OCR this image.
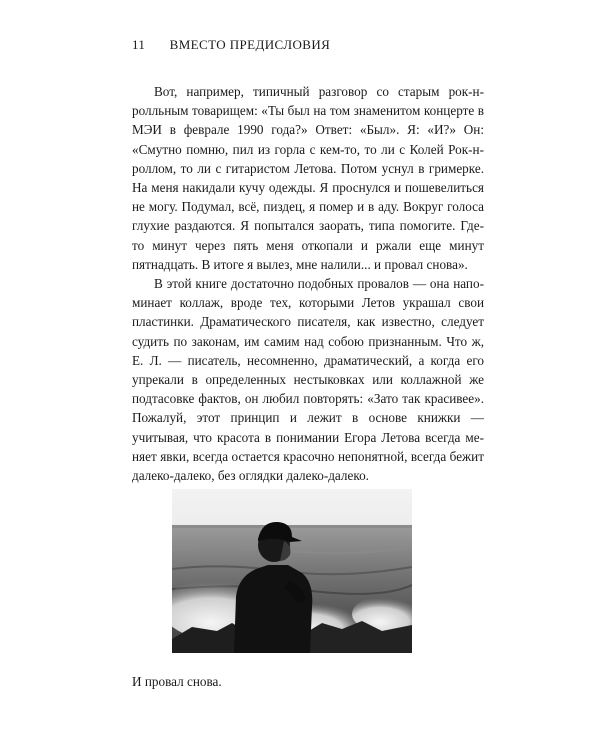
11 ВМЕСТО ПРЕДИСЛОВИЯ

Вот, например, типичный разговор со старым рок-н-ролльным товарищем: «Ты был на том знаменитом концерте в МЭИ в феврале 1990 года?» Ответ: «Был». Я: «И?» Он: «Смутно помню, пил из горла с кем-то, то ли с Колей Рок-н-роллом, то ли с гитаристом Летова. Потом уснул в гримерке. На меня накидали кучу одежды. Я проснулся и пошевелиться не могу. Подумал, всё, пиздец, я помер и в аду. Вокруг голоса глухие раздаются. Я попытался заорать, типа помогите. Где-то минут через пять меня откопали и ржали еще минут пятнадцать. В итоге я вылез, мне налили... и провал снова».

В этой книге достаточно подобных провалов — она напоминает коллаж, вроде тех, которыми Летов украшал свои пластинки. Драматического писателя, как известно, следует судить по законам, им самим над собою признанным. Что ж, Е. Л. — писатель, несомненно, драматический, а когда его упрекали в определенных нестыковках или коллажной же подтасовке фактов, он любил повторять: «Зато так красивее». Пожалуй, этот принцип и лежит в основе книжки — учитывая, что красота в понимании Егора Летова всегда меняет явки, всегда остается красочно непонятной, всегда бежит далеко-далеко, без оглядки далеко-далеко.

И провал снова.
